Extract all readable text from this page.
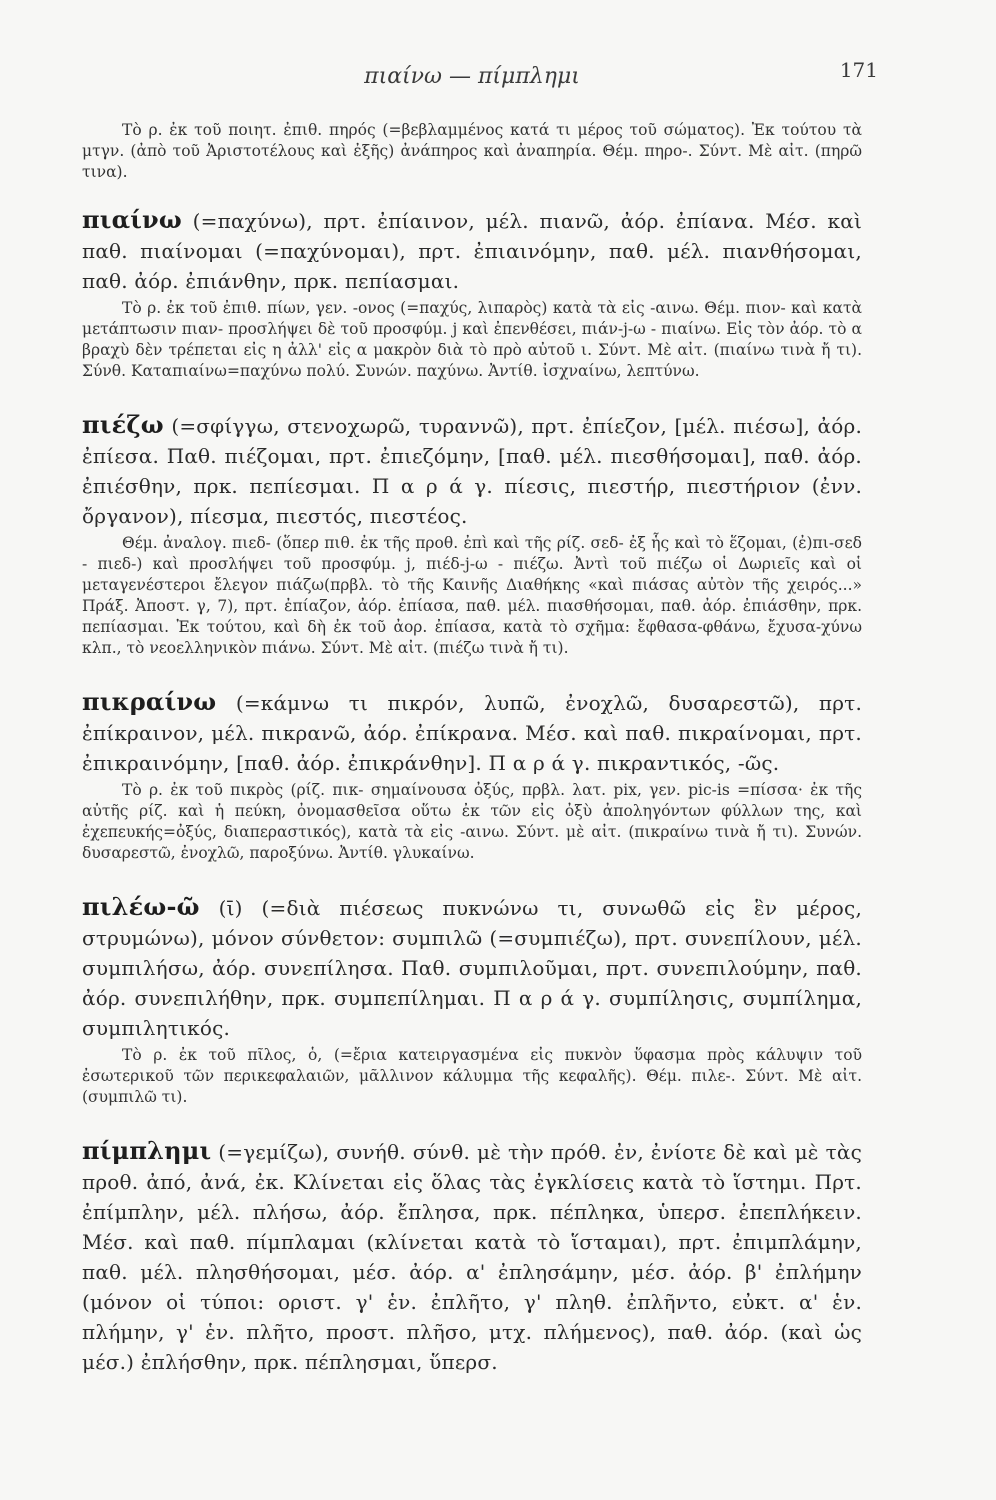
πιαίνω — πίμπλημι	171

Τὸ ρ. ἐκ τοῦ ποιητ. ἐπιθ. πηρός (=βεβλαμμένος κατά τι μέρος τοῦ σώματος). Ἐκ τούτου τὰ μτγν. (ἀπὸ τοῦ Ἀριστοτέλους καὶ ἐξῆς) ἀνάπηρος καὶ ἀναπηρία. Θέμ. πηρο-. Σύντ. Μὲ αἰτ. (πηρῶ τινα).

πιαίνω (=παχύνω), πρτ. ἐπίαινον, μέλ. πιανῶ, ἀόρ. ἐπίανα. Μέσ. καὶ παθ. πιαίνομαι (=παχύνομαι), πρτ. ἐπιαινόμην, παθ. μέλ. πιανθήσομαι, παθ. ἀόρ. ἐπιάνθην, πρκ. πεπίασμαι.

Τὸ ρ. ἐκ τοῦ ἐπιθ. πίων, γεν. -ονος (=παχύς, λιπαρὸς) κατὰ τὰ εἰς -αινω. Θέμ. πιον- καὶ κατὰ μετάπτωσιν πιαν- προσλήψει δὲ τοῦ προσφύμ. j καὶ ἐπενθέσει, πιάν-j-ω - πιαίνω. Εἰς τὸν ἀόρ. τὸ α βραχὺ δὲν τρέπεται εἰς η ἀλλ' εἰς α μακρὸν διὰ τὸ πρὸ αὐτοῦ ι. Σύντ. Μὲ αἰτ. (πιαίνω τινὰ ἤ τι). Σύνθ. Καταπιαίνω=παχύνω πολύ. Συνών. παχύνω. Ἀντίθ. ἰσχναίνω, λεπτύνω.

πιέζω (=σφίγγω, στενοχωρῶ, τυραννῶ), πρτ. ἐπίεζον, [μέλ. πιέσω], ἀόρ. ἐπίεσα. Παθ. πιέζομαι, πρτ. ἐπιεζόμην, [παθ. μέλ. πιεσθήσομαι], παθ. ἀόρ. ἐπιέσθην, πρκ. πεπίεσμαι. Π α ρ ά γ. πίεσις, πιεστήρ, πιεστήριον (ἐνν. ὄργανον), πίεσμα, πιεστός, πιεστέος.

Θέμ. ἀναλογ. πιεδ- (ὅπερ πιθ. ἐκ τῆς προθ. ἐπὶ καὶ τῆς ρίζ. σεδ- ἐξ ἧς καὶ τὸ ἕζομαι, (ἐ)πι-σεδ - πιεδ-) καὶ προσλήψει τοῦ προσφύμ. j, πιέδ-j-ω - πιέζω. Ἀντὶ τοῦ πιέζω οἱ Δωριεῖς καὶ οἱ μεταγενέστεροι ἔλεγον πιάζω(πρβλ. τὸ τῆς Καινῆς Διαθήκης «καὶ πιάσας αὐτὸν τῆς χειρός...» Πράξ. Ἀποστ. γ, 7), πρτ. ἐπίαζον, ἀόρ. ἐπίασα, παθ. μέλ. πιασθήσομαι, παθ. ἀόρ. ἐπιάσθην, πρκ. πεπίασμαι. Ἐκ τούτου, καὶ δὴ ἐκ τοῦ ἀορ. ἐπίασα, κατὰ τὸ σχῆμα: ἔφθασα-φθάνω, ἔχυσα-χύνω κλπ., τὸ νεοελληνικὸν πιάνω. Σύντ. Μὲ αἰτ. (πιέζω τινὰ ἤ τι).

πικραίνω (=κάμνω τι πικρόν, λυπῶ, ἐνοχλῶ, δυσαρεστῶ), πρτ. ἐπίκραινον, μέλ. πικρανῶ, ἀόρ. ἐπίκρανα. Μέσ. καὶ παθ. πικραίνομαι, πρτ. ἐπικραινόμην, [παθ. ἀόρ. ἐπικράνθην]. Π α ρ ά γ. πικραντικός, -ῶς.

Τὸ ρ. ἐκ τοῦ πικρὸς (ρίζ. πικ- σημαίνουσα ὀξύς, πρβλ. λατ. pix, γεν. pic-is =πίσσα· ἐκ τῆς αὐτῆς ρίζ. καὶ ἡ πεύκη, ὀνομασθεῖσα οὕτω ἐκ τῶν εἰς ὀξὺ ἀποληγόντων φύλλων της, καὶ ἐχεπευκής=ὀξύς, διαπεραστικός), κατὰ τὰ εἰς -αινω. Σύντ. μὲ αἰτ. (πικραίνω τινὰ ἤ τι). Συνών. δυσαρεστῶ, ἐνοχλῶ, παροξύνω. Ἀντίθ. γλυκαίνω.

πιλέω-ῶ (ῑ) (=διὰ πιέσεως πυκνώνω τι, συνωθῶ εἰς ἓν μέρος, στρυμώνω), μόνον σύνθετον: συμπιλῶ (=συμπιέζω), πρτ. συνεπίλουν, μέλ. συμπιλήσω, ἀόρ. συνεπίλησα. Παθ. συμπιλοῦμαι, πρτ. συνεπιλούμην, παθ. ἀόρ. συνεπιλήθην, πρκ. συμπεπίλημαι. Π α ρ ά γ. συμπίλησις, συμπίλημα, συμπιλητικός.

Τὸ ρ. ἐκ τοῦ πῖλος, ὁ, (=ἔρια κατειργασμένα εἰς πυκνὸν ὕφασμα πρὸς κάλυψιν τοῦ ἐσωτερικοῦ τῶν περικεφαλαιῶν, μᾶλλινον κάλυμμα τῆς κεφαλῆς). Θέμ. πιλε-. Σύντ. Μὲ αἰτ. (συμπιλῶ τι).

πίμπλημι (=γεμίζω), συνήθ. σύνθ. μὲ τὴν πρόθ. ἐν, ἐνίοτε δὲ καὶ μὲ τὰς προθ. ἀπό, ἀνά, ἐκ. Κλίνεται εἰς ὅλας τὰς ἐγκλίσεις κατὰ τὸ ἵστημι. Πρτ. ἐπίμπλην, μέλ. πλήσω, ἀόρ. ἔπλησα, πρκ. πέπληκα, ὑπερσ. ἐπεπλήκειν. Μέσ. καὶ παθ. πίμπλαμαι (κλίνεται κατὰ τὸ ἵσταμαι), πρτ. ἐπιμπλάμην, παθ. μέλ. πλησθήσομαι, μέσ. ἀόρ. α' ἐπλησάμην, μέσ. ἀόρ. β' ἐπλήμην (μόνον οἱ τύποι: οριστ. γ' ἑν. ἐπλῆτο, γ' πληθ. ἐπλῆντο, εὐκτ. α' ἑν. πλήμην, γ' ἑν. πλῆτο, προστ. πλῆσο, μτχ. πλήμενος), παθ. ἀόρ. (καὶ ὡς μέσ.) ἐπλήσθην, πρκ. πέπλησμαι, ὕπερσ.
